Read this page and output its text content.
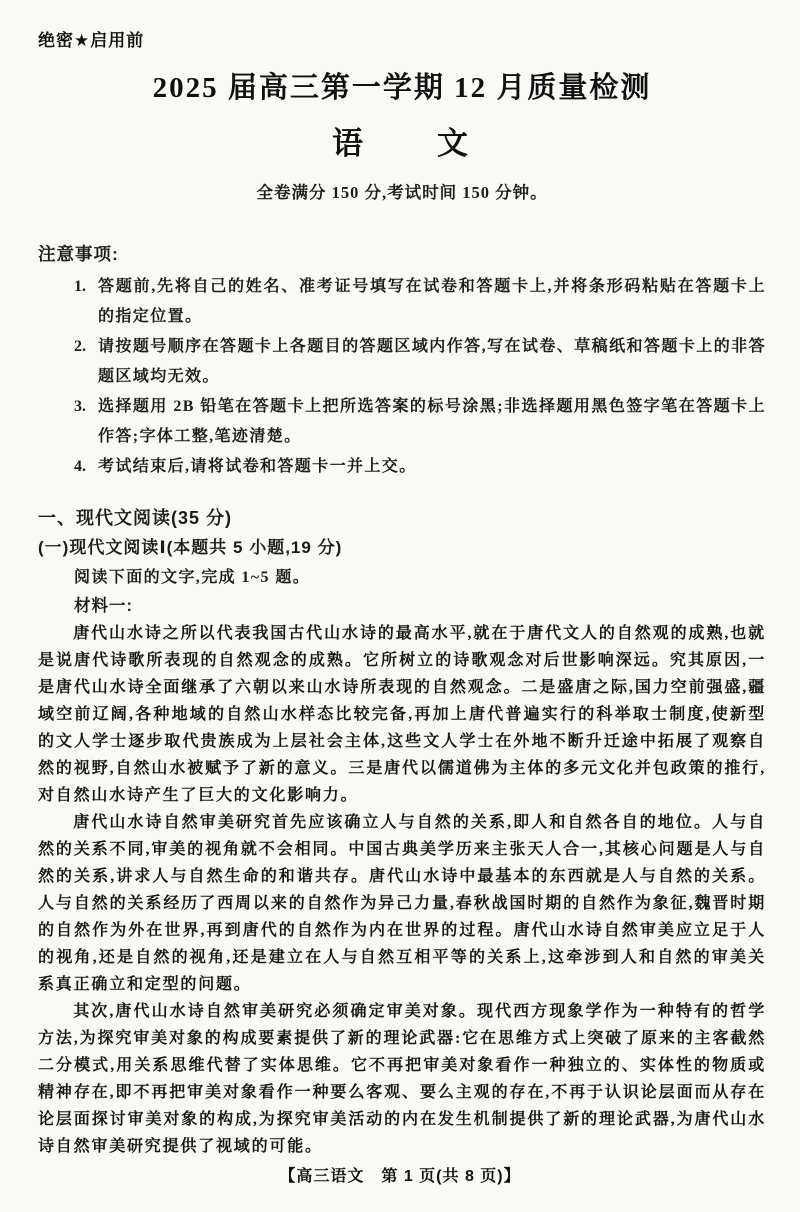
绝密★启用前
2025 届高三第一学期 12 月质量检测
语　　文
全卷满分 150 分,考试时间 150 分钟。
注意事项:
1. 答题前,先将自己的姓名、准考证号填写在试卷和答题卡上,并将条形码粘贴在答题卡上的指定位置。
2. 请按题号顺序在答题卡上各题目的答题区域内作答,写在试卷、草稿纸和答题卡上的非答题区域均无效。
3. 选择题用 2B 铅笔在答题卡上把所选答案的标号涂黑;非选择题用黑色签字笔在答题卡上作答;字体工整,笔迹清楚。
4. 考试结束后,请将试卷和答题卡一并上交。
一、现代文阅读(35 分)
(一)现代文阅读Ⅰ(本题共 5 小题,19 分)
阅读下面的文字,完成 1~5 题。
材料一:

唐代山水诗之所以代表我国古代山水诗的最高水平,就在于唐代文人的自然观的成熟,也就是说唐代诗歌所表现的自然观念的成熟。它所树立的诗歌观念对后世影响深远。究其原因,一是唐代山水诗全面继承了六朝以来山水诗所表现的自然观念。二是盛唐之际,国力空前强盛,疆域空前辽阔,各种地域的自然山水样态比较完备,再加上唐代普遍实行的科举取士制度,使新型的文人学士逐步取代贵族成为上层社会主体,这些文人学士在外地不断升迁途中拓展了观察自然的视野,自然山水被赋予了新的意义。三是唐代以儒道佛为主体的多元文化并包政策的推行,对自然山水诗产生了巨大的文化影响力。

唐代山水诗自然审美研究首先应该确立人与自然的关系,即人和自然各自的地位。人与自然的关系不同,审美的视角就不会相同。中国古典美学历来主张天人合一,其核心问题是人与自然的关系,讲求人与自然生命的和谐共存。唐代山水诗中最基本的东西就是人与自然的关系。人与自然的关系经历了西周以来的自然作为异己力量,春秋战国时期的自然作为象征,魏晋时期的自然作为外在世界,再到唐代的自然作为内在世界的过程。唐代山水诗自然审美应立足于人的视角,还是自然的视角,还是建立在人与自然互相平等的关系上,这牵涉到人和自然的审美关系真正确立和定型的问题。

其次,唐代山水诗自然审美研究必须确定审美对象。现代西方现象学作为一种特有的哲学方法,为探究审美对象的构成要素提供了新的理论武器:它在思维方式上突破了原来的主客截然二分模式,用关系思维代替了实体思维。它不再把审美对象看作一种独立的、实体性的物质或精神存在,即不再把审美对象看作一种要么客观、要么主观的存在,不再于认识论层面而从存在论层面探讨审美对象的构成,为探究审美活动的内在发生机制提供了新的理论武器,为唐代山水诗自然审美研究提供了视域的可能。

【高三语文　第 1 页(共 8 页)】
